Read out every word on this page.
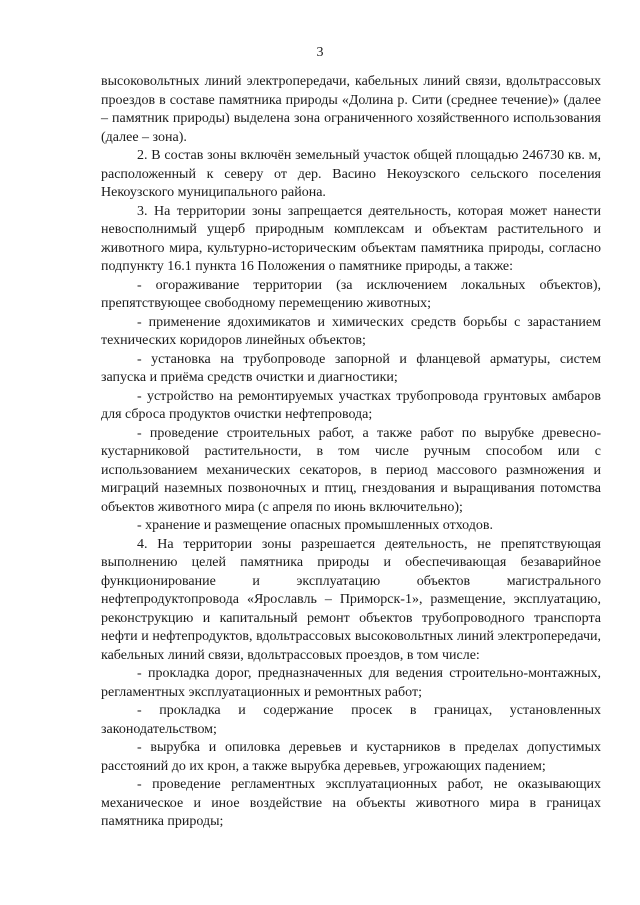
3

высоковольтных линий электропередачи, кабельных линий связи, вдольтрассовых проездов в составе памятника природы «Долина р. Сити (среднее течение)» (далее – памятник природы) выделена зона ограниченного хозяйственного использования (далее – зона).

2. В состав зоны включён земельный участок общей площадью 246730 кв. м, расположенный к северу от дер. Васино Некоузского сельского поселения Некоузского муниципального района.

3. На территории зоны запрещается деятельность, которая может нанести невосполнимый ущерб природным комплексам и объектам растительного и животного мира, культурно-историческим объектам памятника природы, согласно подпункту 16.1 пункта 16 Положения о памятнике природы, а также:

- огораживание территории (за исключением локальных объектов), препятствующее свободному перемещению животных;

- применение ядохимикатов и химических средств борьбы с зарастанием технических коридоров линейных объектов;

- установка на трубопроводе запорной и фланцевой арматуры, систем запуска и приёма средств очистки и диагностики;

- устройство на ремонтируемых участках трубопровода грунтовых амбаров для сброса продуктов очистки нефтепровода;

- проведение строительных работ, а также работ по вырубке древесно-кустарниковой растительности, в том числе ручным способом или с использованием механических секаторов, в период массового размножения и миграций наземных позвоночных и птиц, гнездования и выращивания потомства объектов животного мира (с апреля по июнь включительно);

- хранение и размещение опасных промышленных отходов.

4. На территории зоны разрешается деятельность, не препятствующая выполнению целей памятника природы и обеспечивающая безаварийное функционирование и эксплуатацию объектов магистрального нефтепродуктопровода «Ярославль – Приморск-1», размещение, эксплуатацию, реконструкцию и капитальный ремонт объектов трубопроводного транспорта нефти и нефтепродуктов, вдольтрассовых высоковольтных линий электропередачи, кабельных линий связи, вдольтрассовых проездов, в том числе:

- прокладка дорог, предназначенных для ведения строительно-монтажных, регламентных эксплуатационных и ремонтных работ;

- прокладка и содержание просек в границах, установленных законодательством;

- вырубка и опиловка деревьев и кустарников в пределах допустимых расстояний до их крон, а также вырубка деревьев, угрожающих падением;

- проведение регламентных эксплуатационных работ, не оказывающих механическое и иное воздействие на объекты животного мира в границах памятника природы;
